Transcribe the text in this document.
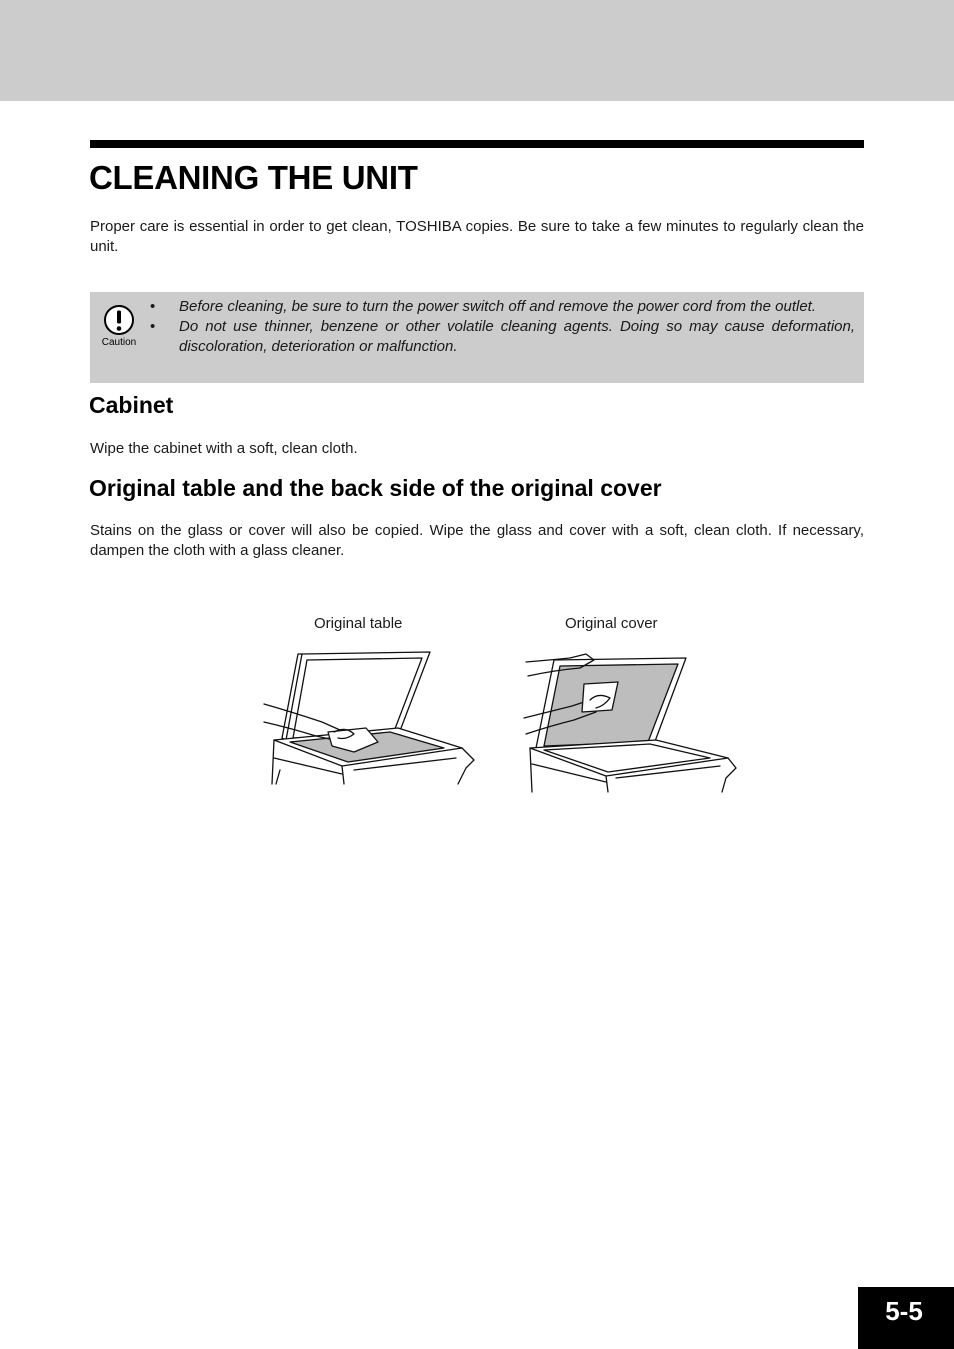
CLEANING THE UNIT

Proper care is essential in order to get clean, TOSHIBA copies. Be sure to take a few minutes to regularly clean the unit.

Caution
• Before cleaning, be sure to turn the power switch off and remove the power cord from the outlet.
• Do not use thinner, benzene or other volatile cleaning agents. Doing so may cause deformation, discoloration, deterioration or malfunction.
Cabinet

Wipe the cabinet with a soft, clean cloth.

Original table and the back side of the original cover

Stains on the glass or cover will also be copied. Wipe the glass and cover with a soft, clean cloth. If necessary, dampen the cloth with a glass cleaner.

Original table	Original cover
5-5
